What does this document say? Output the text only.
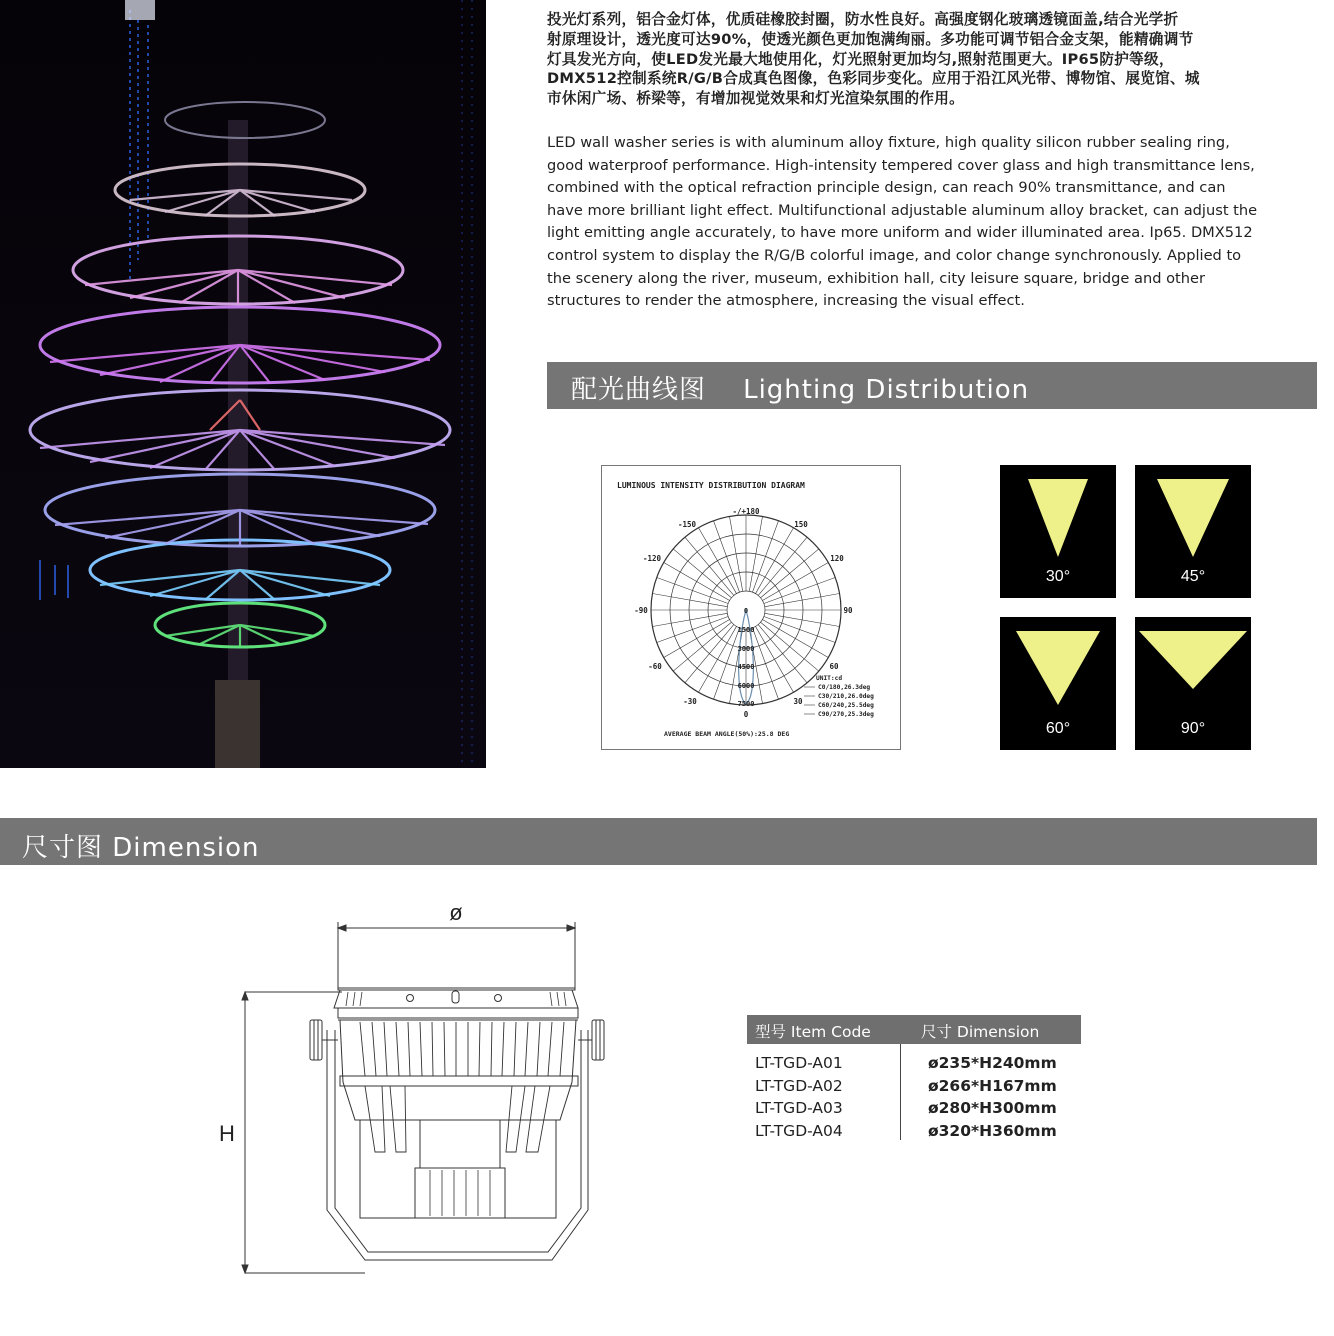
投光灯系列，铝合金灯体，优质硅橡胶封圈，防水性良好。高强度钢化玻璃透镜面盖,结合光学折
射原理设计，透光度可达90%，使透光颜色更加饱满绚丽。多功能可调节铝合金支架，能精确调节
灯具发光方向，使LED发光最大地使用化，灯光照射更加均匀,照射范围更大。IP65防护等级，
DMX512控制系统R/G/B合成真色图像，色彩同步变化。应用于沿江风光带、博物馆、展览馆、城
市休闲广场、桥梁等，有增加视觉效果和灯光渲染氛围的作用。
LED wall washer series is with aluminum alloy fixture, high quality silicon rubber sealing ring,
good waterproof performance. High-intensity tempered cover glass and high transmittance lens,
combined with the optical refraction principle design, can reach 90% transmittance, and can
have more brilliant light effect. Multifunctional adjustable aluminum alloy bracket, can adjust the
light emitting angle accurately, to have more uniform and wider illuminated area. Ip65. DMX512
control system to display the R/G/B colorful image, and color change synchronously. Applied to
the scenery along the river, museum, exhibition hall, city leisure square, bridge and other
structures to render the atmosphere, increasing the visual effect.
配光曲线图 Lighting Distribution
LUMINOUS INTENSITY DISTRIBUTION DIAGRAM
-/+180
-150	150
-120	120
-90	90
-60	60
-30	30
0
0
1500
3000
4500
6000
7500
UNIT:cd
C0/180,26.3deg
C30/210,26.0deg
C60/240,25.5deg
C90/270,25.3deg
AVERAGE BEAM ANGLE(50%):25.8 DEG
30°	45°
60°	90°
尺寸图 Dimension
ø
H
型号 Item Code	尺寸 Dimension
LT-TGD-A01	ø235*H240mm
LT-TGD-A02	ø266*H167mm
LT-TGD-A03	ø280*H300mm
LT-TGD-A04	ø320*H360mm
